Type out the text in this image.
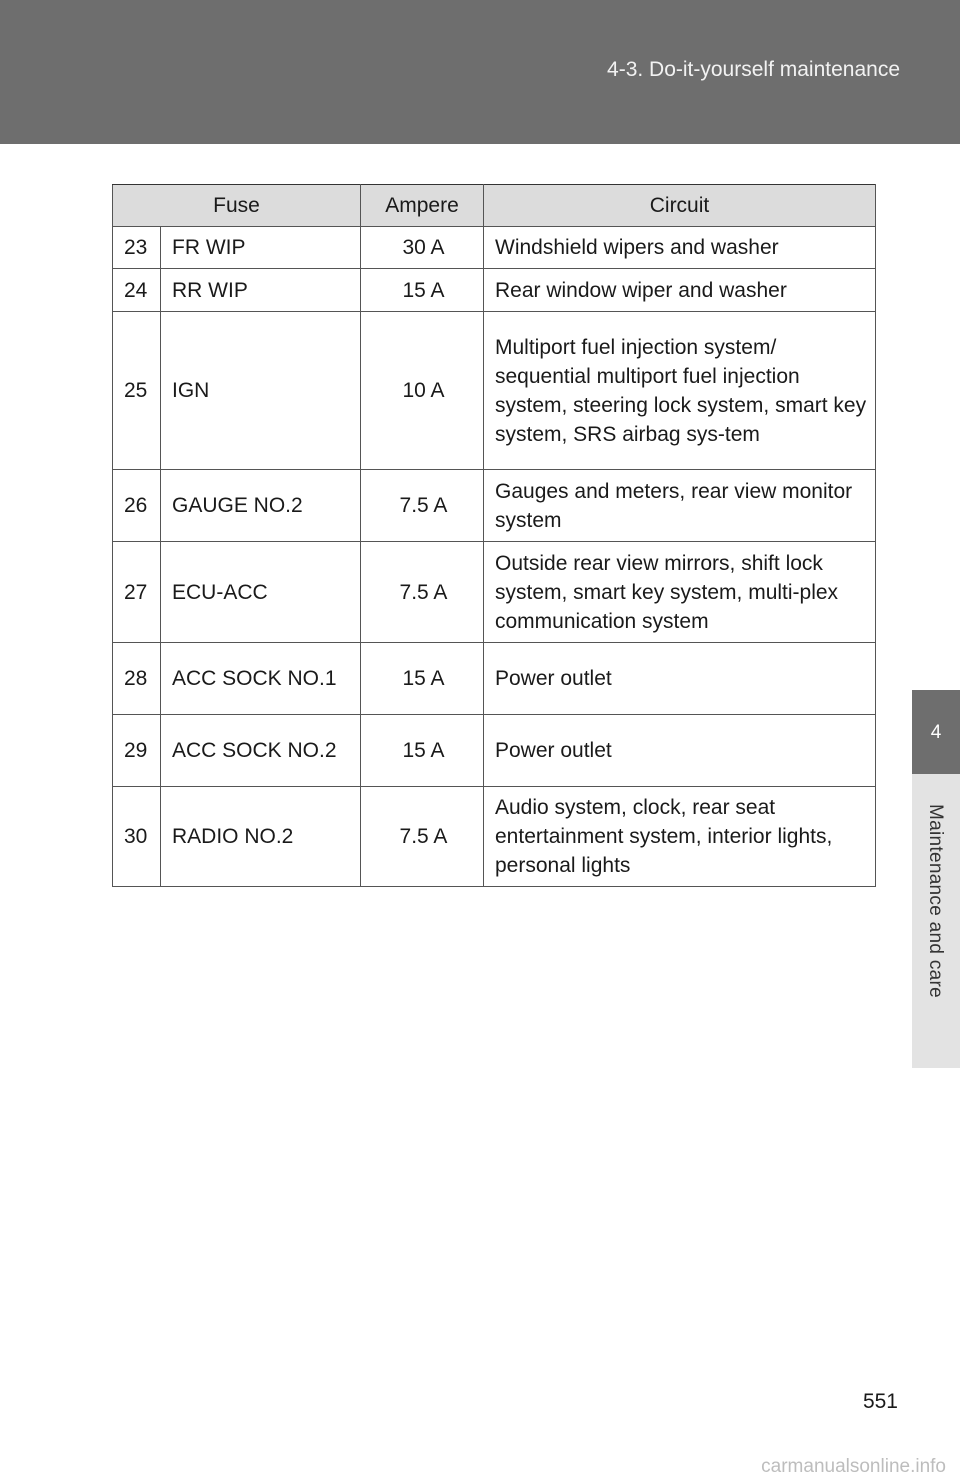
4-3. Do-it-yourself maintenance
4
Maintenance and care
Fuse		Ampere	Circuit
23	FR WIP	30 A	Windshield wipers and washer
24	RR WIP	15 A	Rear window wiper and washer
25	IGN	10 A	Multiport fuel injection system/ sequential multiport fuel injection system, steering lock system, smart key system, SRS airbag sys-tem
26	GAUGE NO.2	7.5 A	Gauges and meters, rear view monitor system
27	ECU-ACC	7.5 A	Outside rear view mirrors, shift lock system, smart key system, multi-plex communication system
28	ACC SOCK NO.1	15 A	Power outlet
29	ACC SOCK NO.2	15 A	Power outlet
30	RADIO NO.2	7.5 A	Audio system, clock, rear seat entertainment system, interior lights, personal lights
551
carmanualsonline.info
